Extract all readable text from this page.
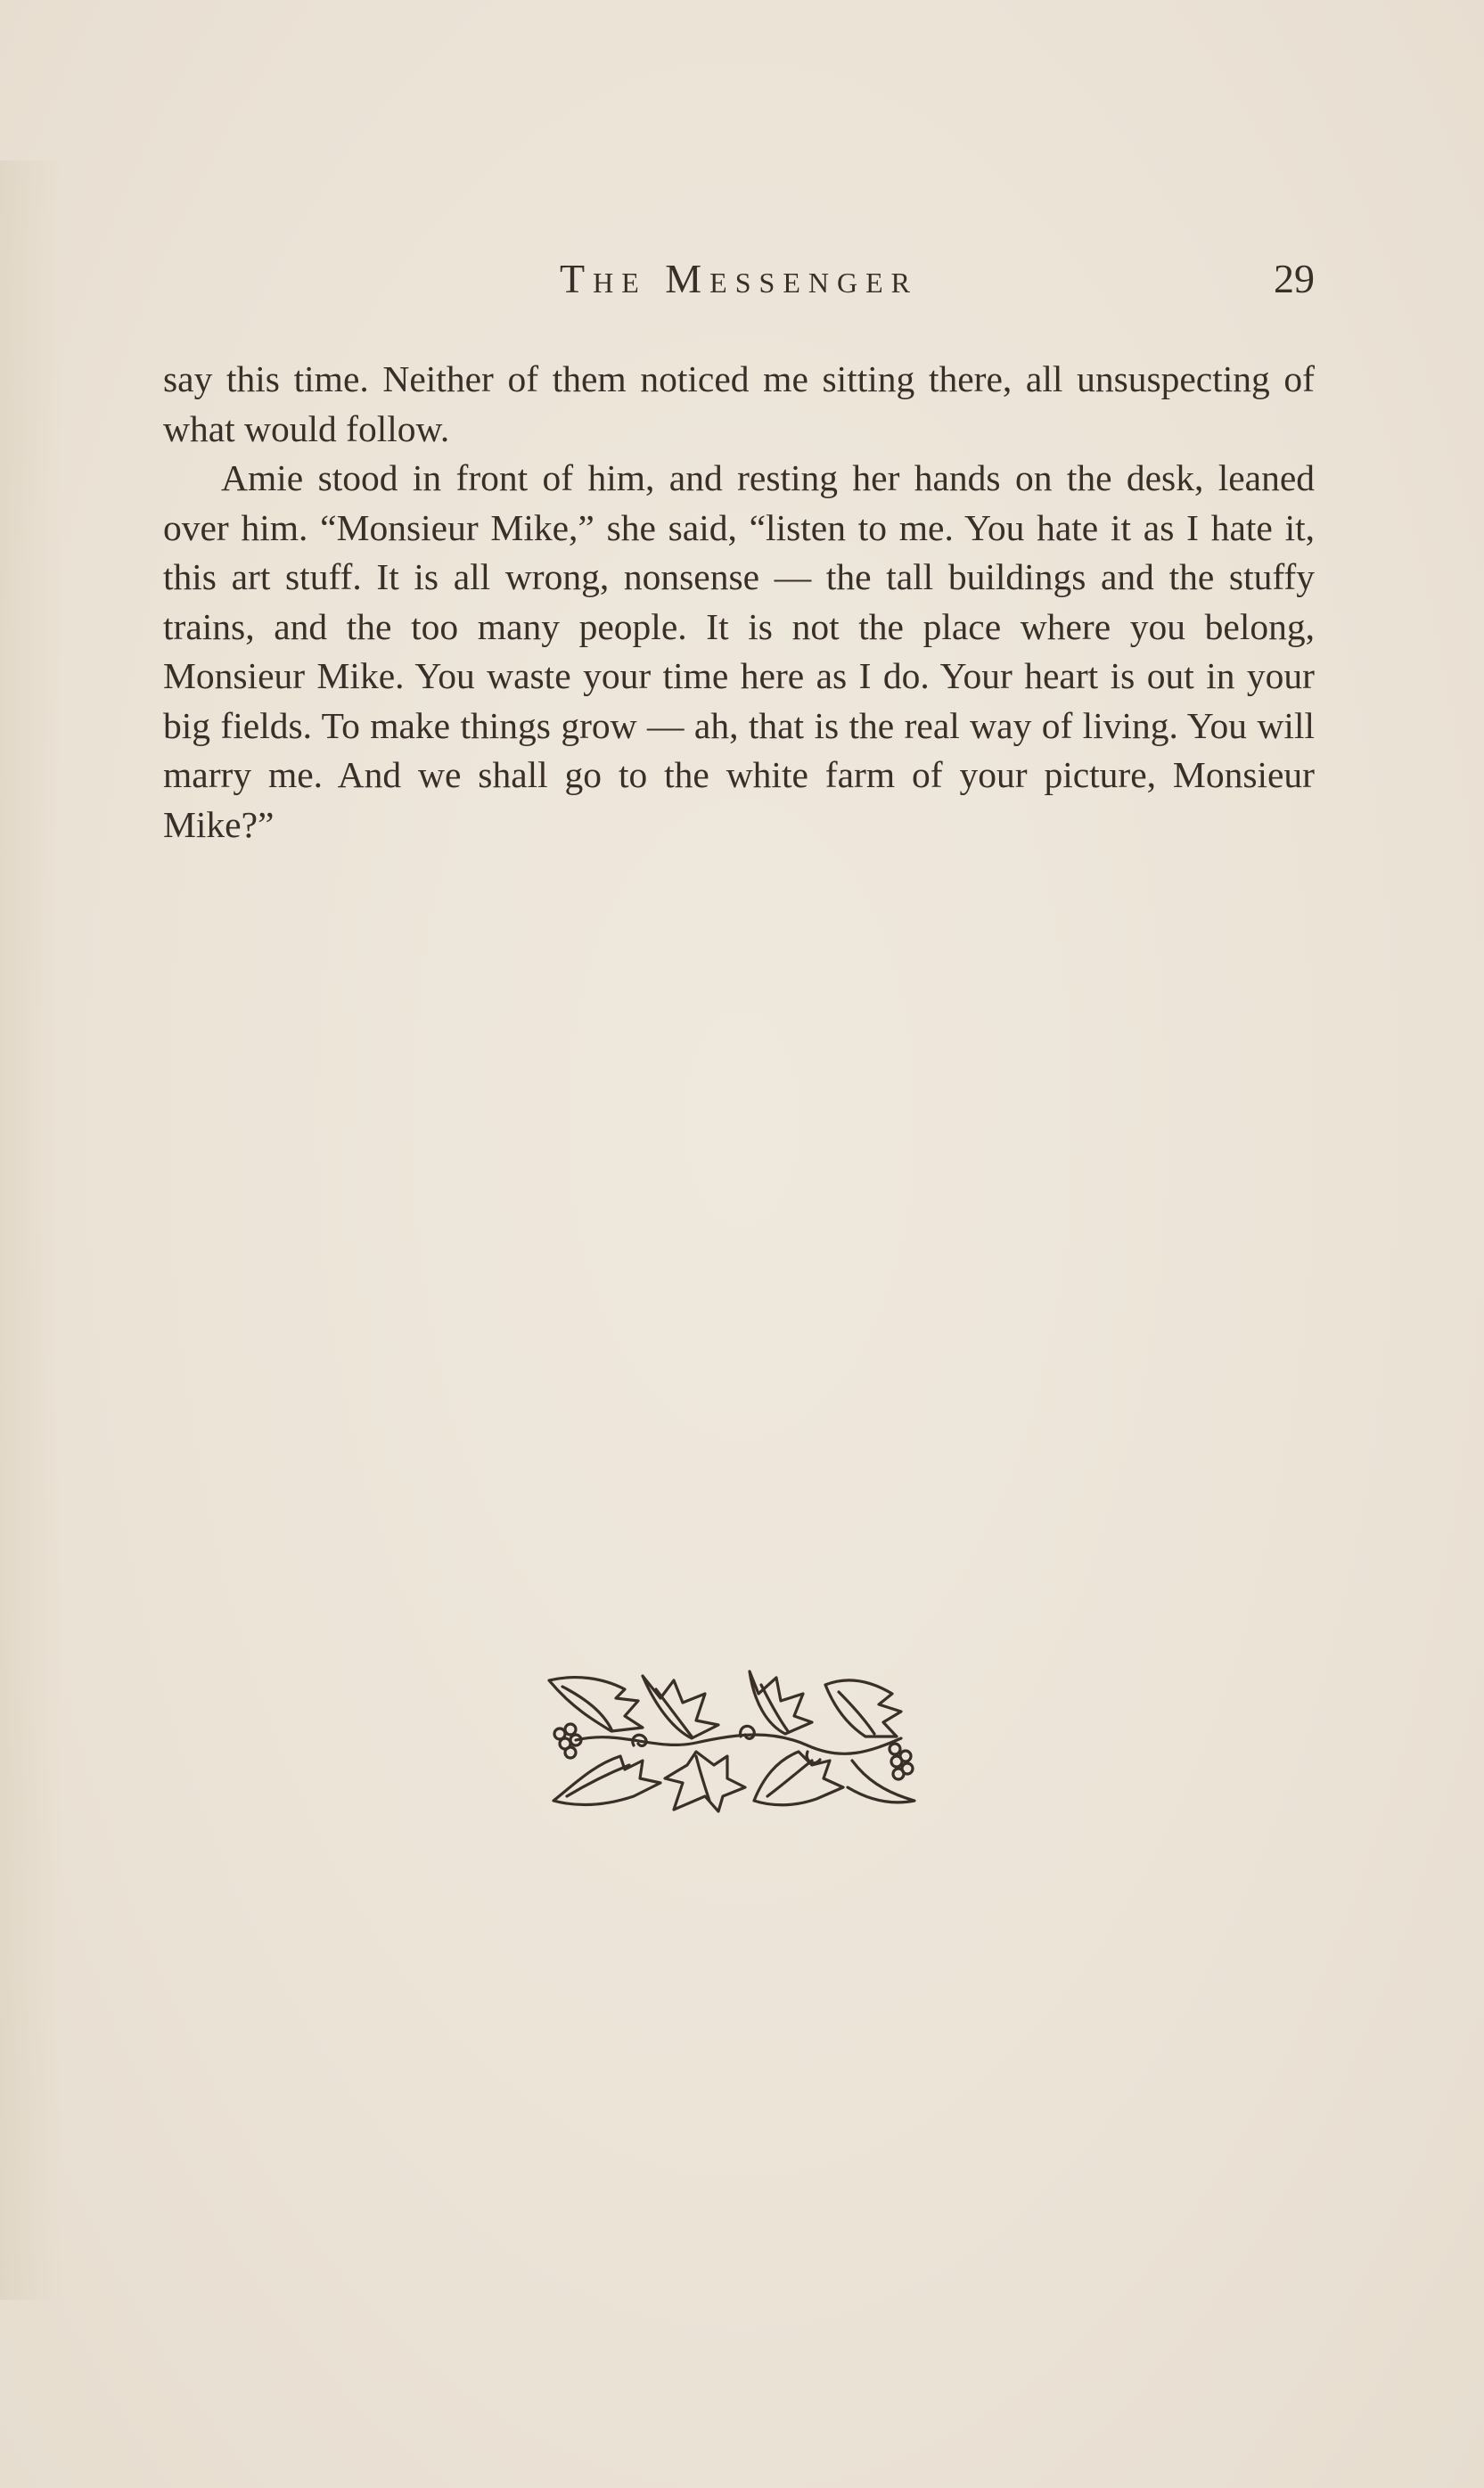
The Messenger	29

say this time. Neither of them noticed me sitting there, all unsuspecting of what would follow.

Amie stood in front of him, and resting her hands on the desk, leaned over him. “Monsieur Mike,” she said, “listen to me. You hate it as I hate it, this art stuff. It is all wrong, nonsense — the tall buildings and the stuffy trains, and the too many people. It is not the place where you belong, Monsieur Mike. You waste your time here as I do. Your heart is out in your big fields. To make things grow — ah, that is the real way of living. You will marry me. And we shall go to the white farm of your picture, Monsieur Mike?”
